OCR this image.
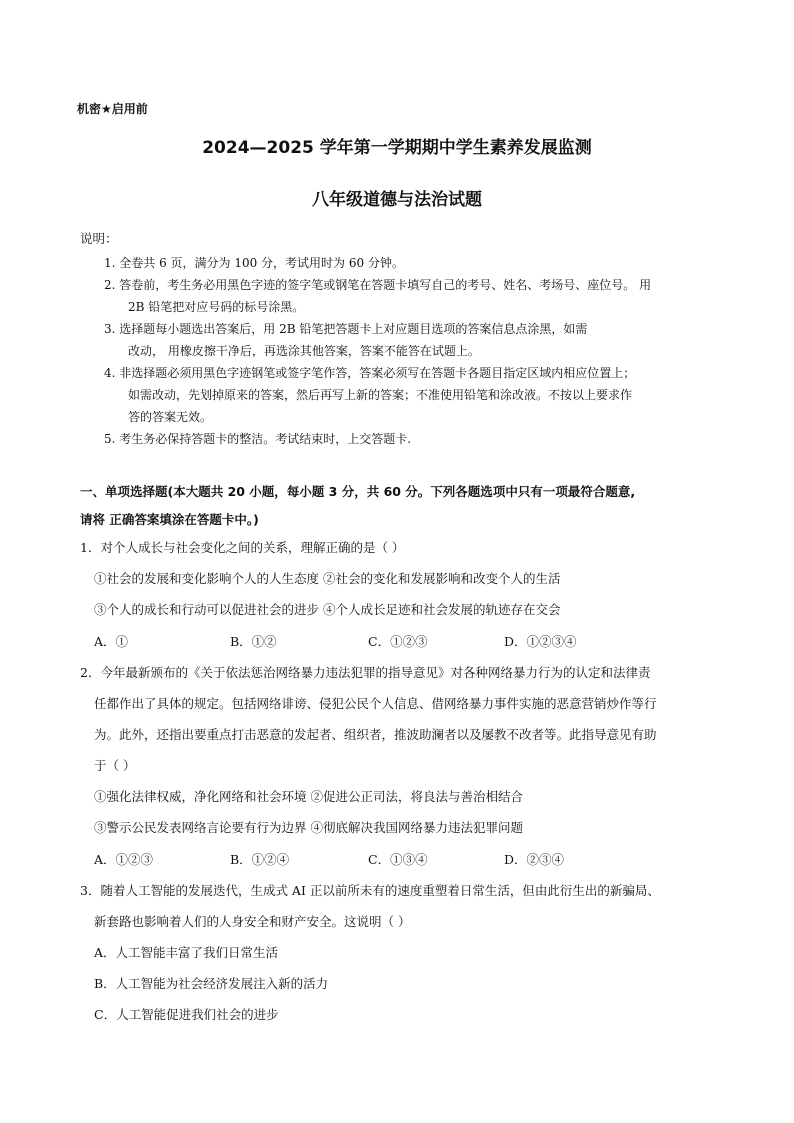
机密★启用前
2024—2025 学年第一学期期中学生素养发展监测
八年级道德与法治试题
说明：
1. 全卷共 6 页，满分为 100 分，考试用时为 60 分钟。
2. 答卷前，考生务必用黑色字迹的签字笔或钢笔在答题卡填写自己的考号、姓名、考场号、座位号。 用
2B 铅笔把对应号码的标号涂黑。
3. 选择题每小题选出答案后，用 2B 铅笔把答题卡上对应题目选项的答案信息点涂黑，如需
改动， 用橡皮擦干净后，再选涂其他答案，答案不能答在试题上。
4. 非选择题必须用黑色字迹钢笔或签字笔作答，答案必须写在答题卡各题目指定区域内相应位置上；
如需改动，先划掉原来的答案，然后再写上新的答案；不准使用铅笔和涂改液。不按以上要求作
答的答案无效。
5. 考生务必保持答题卡的整洁。考试结束时，上交答题卡.
一、单项选择题(本大题共 20 小题，每小题 3 分，共 60 分。下列各题选项中只有一项最符合题意,
请将 正确答案填涂在答题卡中。)
1．对个人成长与社会变化之间的关系，理解正确的是（ ）
①社会的发展和变化影响个人的人生态度 ②社会的变化和发展影响和改变个人的生活
③个人的成长和行动可以促进社会的进步 ④个人成长足迹和社会发展的轨迹存在交会
A．①	B．①②	C．①②③	D．①②③④
2．今年最新颁布的《关于依法惩治网络暴力违法犯罪的指导意见》对各种网络暴力行为的认定和法律责
任都作出了具体的规定。包括网络诽谤、侵犯公民个人信息、借网络暴力事件实施的恶意营销炒作等行
为。此外，还指出要重点打击恶意的发起者、组织者，推波助澜者以及屡教不改者等。此指导意见有助
于（ ）
①强化法律权威，净化网络和社会环境 ②促进公正司法，将良法与善治相结合
③警示公民发表网络言论要有行为边界 ④彻底解决我国网络暴力违法犯罪问题
A．①②③	B．①②④	C．①③④	D．②③④
3．随着人工智能的发展迭代，生成式 AI 正以前所未有的速度重塑着日常生活，但由此衍生出的新骗局、
新套路也影响着人们的人身安全和财产安全。这说明（ ）
A．人工智能丰富了我们日常生活
B．人工智能为社会经济发展注入新的活力
C．人工智能促进我们社会的进步
